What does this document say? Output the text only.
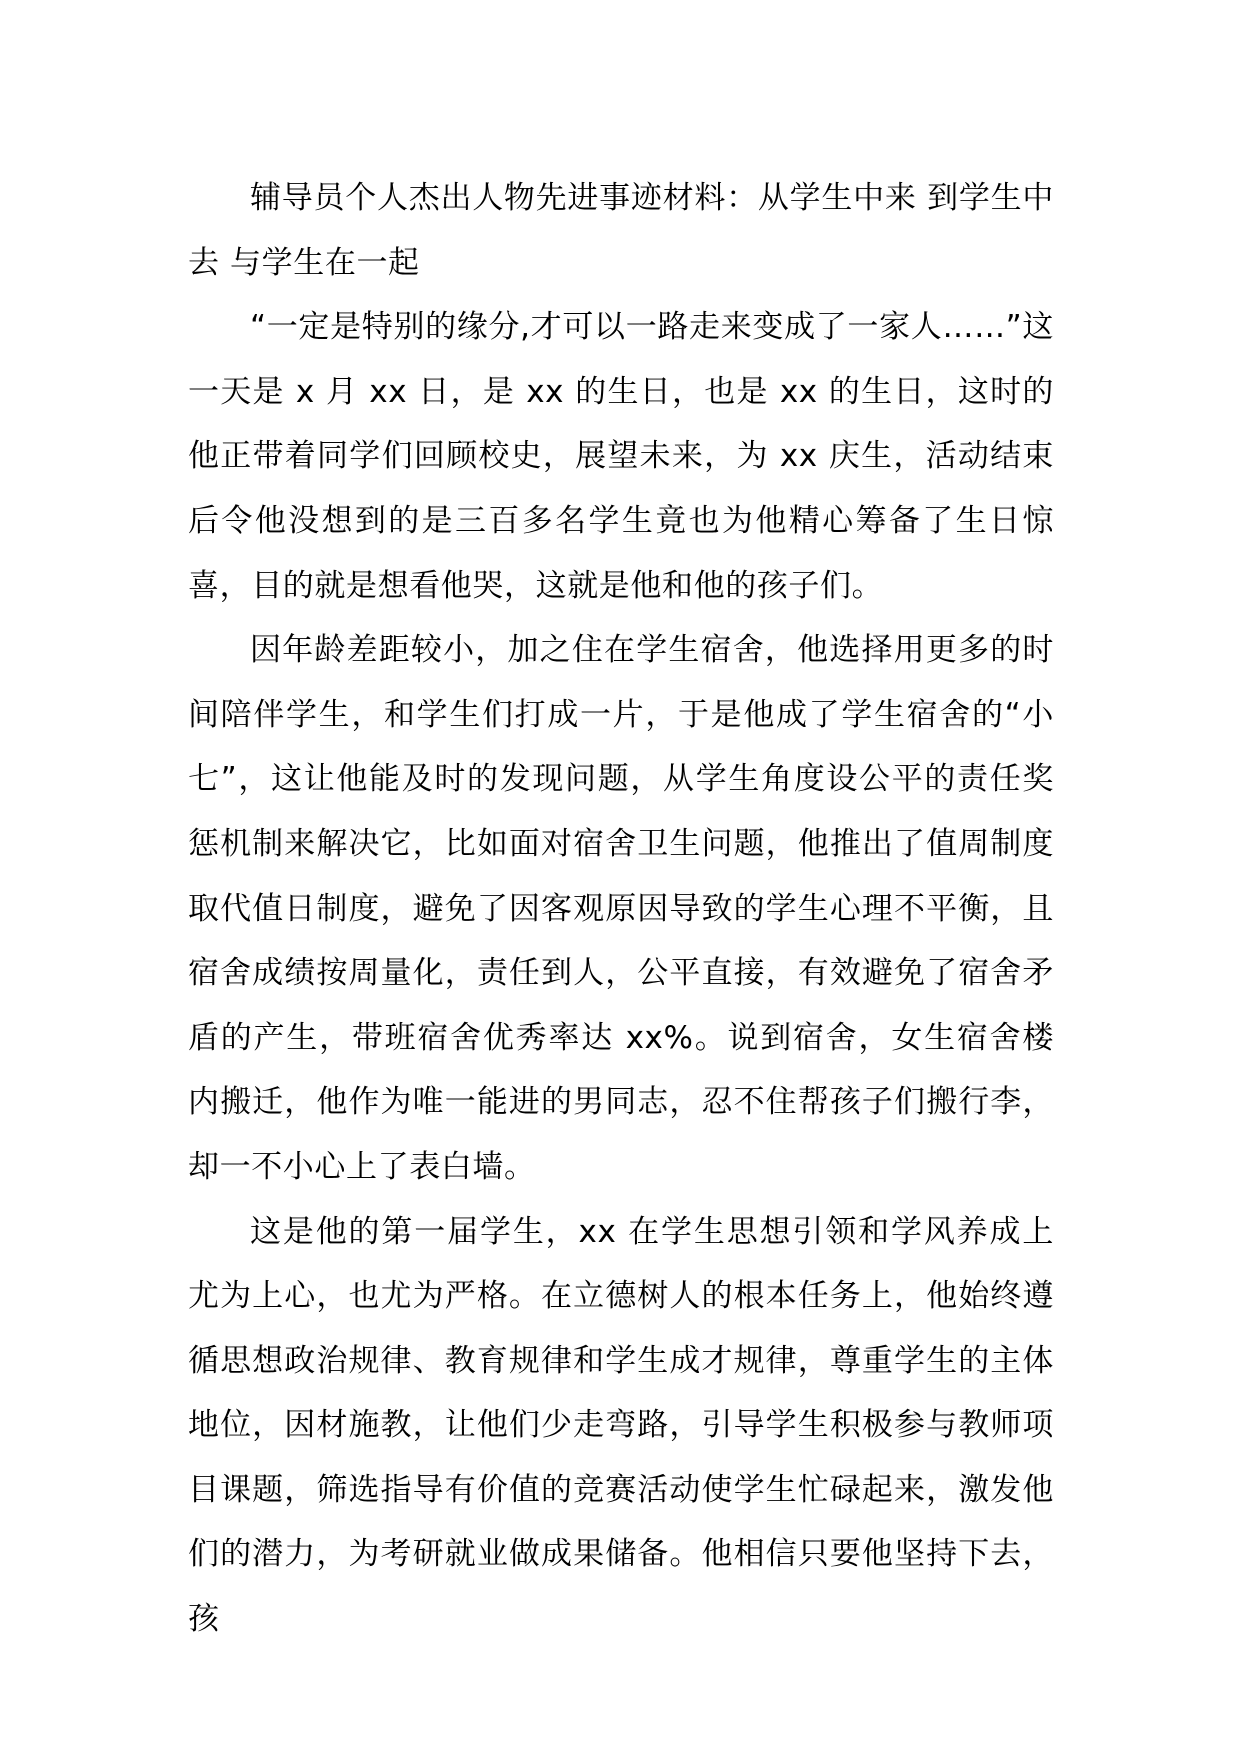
辅导员个人杰出人物先进事迹材料：从学生中来 到学生中去 与学生在一起

“一定是特别的缘分,才可以一路走来变成了一家人……”这一天是 x 月 xx 日，是 xx 的生日，也是 xx 的生日，这时的他正带着同学们回顾校史，展望未来，为 xx 庆生，活动结束后令他没想到的是三百多名学生竟也为他精心筹备了生日惊喜，目的就是想看他哭，这就是他和他的孩子们。

因年龄差距较小，加之住在学生宿舍，他选择用更多的时间陪伴学生，和学生们打成一片，于是他成了学生宿舍的“小七”，这让他能及时的发现问题，从学生角度设公平的责任奖惩机制来解决它，比如面对宿舍卫生问题，他推出了值周制度取代值日制度，避免了因客观原因导致的学生心理不平衡，且宿舍成绩按周量化，责任到人，公平直接，有效避免了宿舍矛盾的产生，带班宿舍优秀率达 xx%。说到宿舍，女生宿舍楼内搬迁，他作为唯一能进的男同志，忍不住帮孩子们搬行李，却一不小心上了表白墙。

这是他的第一届学生，xx 在学生思想引领和学风养成上尤为上心，也尤为严格。在立德树人的根本任务上，他始终遵循思想政治规律、教育规律和学生成才规律，尊重学生的主体地位，因材施教，让他们少走弯路，引导学生积极参与教师项目课题，筛选指导有价值的竞赛活动使学生忙碌起来，激发他们的潜力，为考研就业做成果储备。他相信只要他坚持下去，孩
